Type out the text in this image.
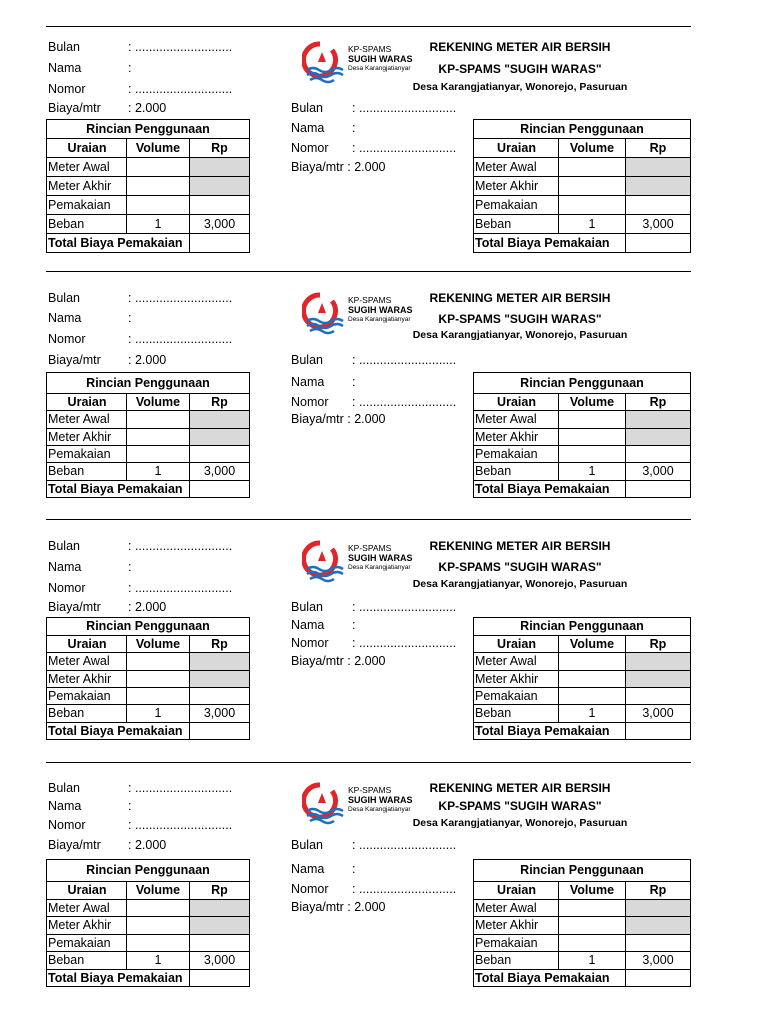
Bulan	: ............................
Nama	:
Nomor	: ............................
Biaya/mtr : 2.000
KP-SPAMS
SUGIH WARAS
Desa Karangjatianyar
REKENING METER AIR BERSIH
KP-SPAMS "SUGIH WARAS"
Desa Karangjatianyar, Wonorejo, Pasuruan
Bulan : ............................
Nama :
Nomor : ............................
Biaya/mtr : 2.000
Rincian Penggunaan
Uraian	Volume	Rp
Meter Awal
Meter Akhir
Pemakaian
Beban	1	3,000
Total Biaya Pemakaian
Rincian Penggunaan
Uraian	Volume	Rp
Meter Awal
Meter Akhir
Pemakaian
Beban	1	3,000
Total Biaya Pemakaian
Bulan	: ............................
Nama	:
Nomor	: ............................
Biaya/mtr : 2.000
KP-SPAMS
SUGIH WARAS
Desa Karangjatianyar
REKENING METER AIR BERSIH
KP-SPAMS "SUGIH WARAS"
Desa Karangjatianyar, Wonorejo, Pasuruan
Bulan : ............................
Nama :
Nomor : ............................
Biaya/mtr : 2.000
Rincian Penggunaan
Uraian	Volume	Rp
Meter Awal
Meter Akhir
Pemakaian
Beban	1	3,000
Total Biaya Pemakaian
Rincian Penggunaan
Uraian	Volume	Rp
Meter Awal
Meter Akhir
Pemakaian
Beban	1	3,000
Total Biaya Pemakaian
Bulan	: ............................
Nama	:
Nomor	: ............................
Biaya/mtr : 2.000
KP-SPAMS
SUGIH WARAS
Desa Karangjatianyar
REKENING METER AIR BERSIH
KP-SPAMS "SUGIH WARAS"
Desa Karangjatianyar, Wonorejo, Pasuruan
Bulan : ............................
Nama :
Nomor : ............................
Biaya/mtr : 2.000
Rincian Penggunaan
Uraian	Volume	Rp
Meter Awal
Meter Akhir
Pemakaian
Beban	1	3,000
Total Biaya Pemakaian
Rincian Penggunaan
Uraian	Volume	Rp
Meter Awal
Meter Akhir
Pemakaian
Beban	1	3,000
Total Biaya Pemakaian
Bulan	: ............................
Nama	:
Nomor	: ............................
Biaya/mtr : 2.000
KP-SPAMS
SUGIH WARAS
Desa Karangjatianyar
REKENING METER AIR BERSIH
KP-SPAMS "SUGIH WARAS"
Desa Karangjatianyar, Wonorejo, Pasuruan
Bulan : ............................
Nama :
Nomor : ............................
Biaya/mtr : 2.000
Rincian Penggunaan
Uraian	Volume	Rp
Meter Awal
Meter Akhir
Pemakaian
Beban	1	3,000
Total Biaya Pemakaian
Rincian Penggunaan
Uraian	Volume	Rp
Meter Awal
Meter Akhir
Pemakaian
Beban	1	3,000
Total Biaya Pemakaian
